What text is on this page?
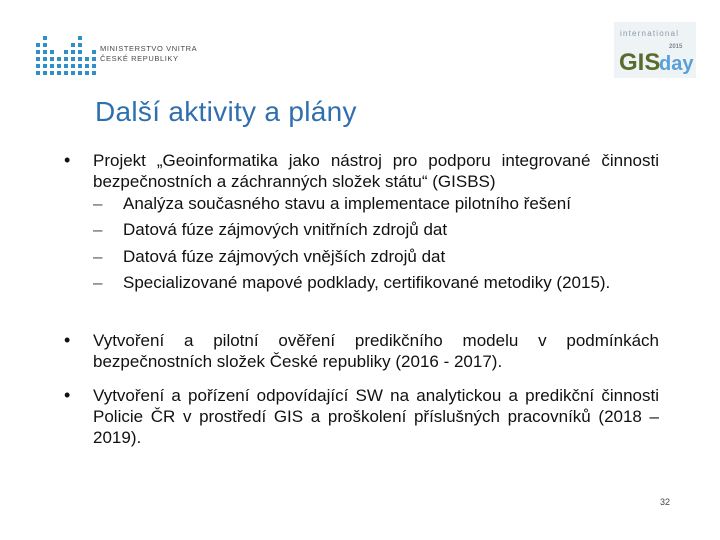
MINISTERSTVO VNITRA
ČESKÉ REPUBLIKY
international
2015
GIS
day
Další aktivity a plány
• Projekt „Geoinformatika jako nástroj pro podporu integrované činnosti bezpečnostních a záchranných složek státu“ (GISBS)

– Analýza současného stavu a implementace pilotního řešení

– Datová fúze zájmových vnitřních zdrojů dat

– Datová fúze zájmových vnějších zdrojů dat

– Specializované mapové podklady, certifikované metodiky (2015).

• Vytvoření a pilotní ověření predikčního modelu v podmínkách bezpečnostních složek České republiky (2016 - 2017).

• Vytvoření a pořízení odpovídající SW na analytickou a predikční činnosti Policie ČR v prostředí GIS a proškolení příslušných pracovníků (2018 – 2019).

32
